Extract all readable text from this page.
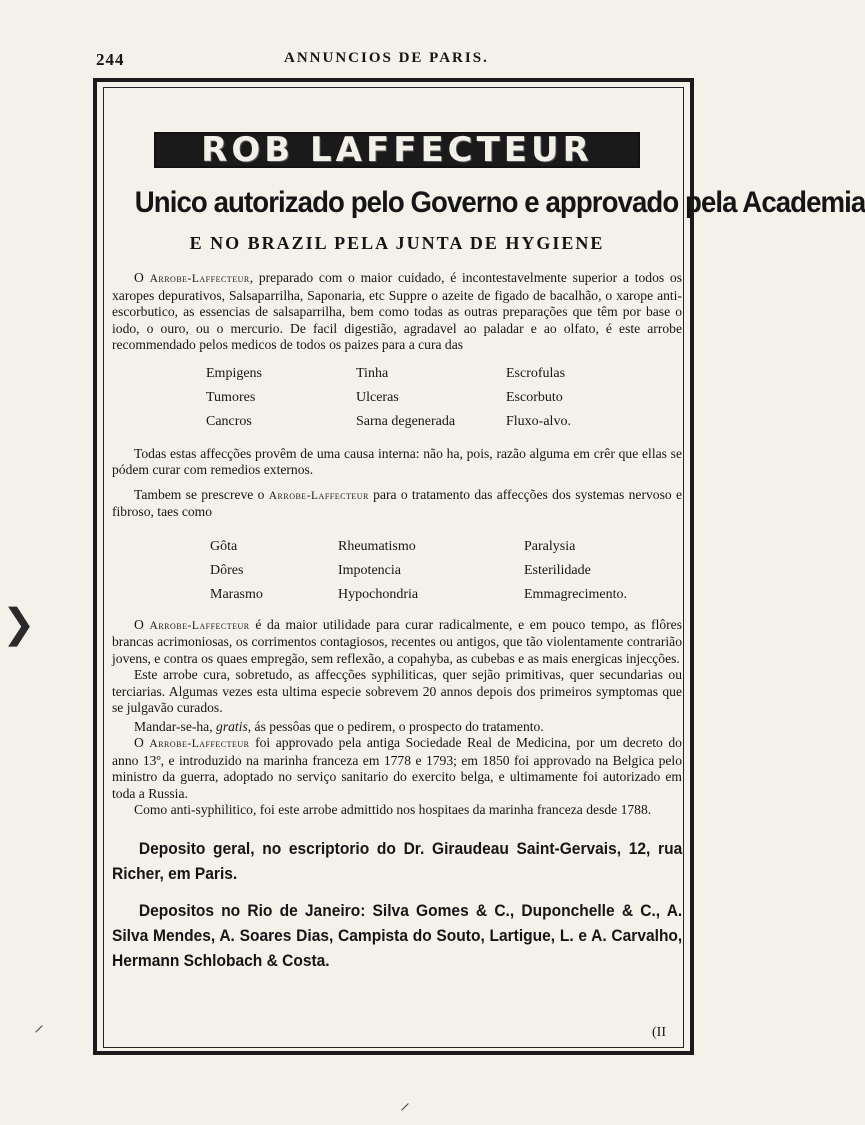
244	ANNUNCIOS DE PARIS.
ROB LAFFECTEUR
Unico autorizado pelo Governo e approvado pela Academia
E NO BRAZIL PELA JUNTA DE HYGIENE

O Arrobe-Laffecteur, preparado com o maior cuidado, é incontestavelmente superior a todos os xaropes depurativos, Salsaparrilha, Saponaria, etc Suppre o azeite de figado de bacalhão, o xarope anti-escorbutico, as essencias de salsaparrilha, bem como todas as outras preparações que têm por base o iodo, o ouro, ou o mercurio. De facil digestião, agradavel ao paladar e ao olfato, é este arrobe recommendado pelos medicos de todos os paizes para a cura das

Empigens	Tinha	Escrofulas
Tumores	Ulceras	Escorbuto
Cancros	Sarna degenerada	Fluxo-alvo.

Todas estas affecções provêm de uma causa interna: não ha, pois, razão alguma em crêr que ellas se pódem curar com remedios externos.

Tambem se prescreve o Arrobe-Laffecteur para o tratamento das affecções dos systemas nervoso e fibroso, taes como

Gôta	Rheumatismo	Paralysia
Dôres	Impotencia	Esterilidade
Marasmo	Hypochondria	Emmagrecimento.

O Arrobe-Laffecteur é da maior utilidade para curar radicalmente, e em pouco tempo, as flôres brancas acrimoniosas, os corrimentos contagiosos, recentes ou antigos, que tão violentamente contrarião jovens, e contra os quaes empregão, sem reflexão, a copahyba, as cubebas e as mais energicas injecções.

Este arrobe cura, sobretudo, as affecções syphiliticas, quer sejão primitivas, quer secundarias ou terciarias. Algumas vezes esta ultima especie sobrevem 20 annos depois dos primeiros symptomas que se julgavão curados.

Mandar-se-ha, gratis, ás pessôas que o pedirem, o prospecto do tratamento.

O Arrobe-Laffecteur foi approvado pela antiga Sociedade Real de Medicina, por um decreto do anno 13º, e introduzido na marinha franceza em 1778 e 1793; em 1850 foi approvado na Belgica pelo ministro da guerra, adoptado no serviço sanitario do exercito belga, e ultimamente foi autorizado em toda a Russia.

Como anti-syphilitico, foi este arrobe admittido nos hospitaes da marinha franceza desde 1788.

Deposito geral, no escriptorio do Dr. Giraudeau Saint-Gervais, 12, rua Richer, em Paris.

Depositos no Rio de Janeiro: Silva Gomes & C., Duponchelle & C., A. Silva Mendes, A. Soares Dias, Campista do Souto, Lartigue, L. e A. Carvalho, Hermann Schlobach & Costa.

(II
❯
⸝
⸝
